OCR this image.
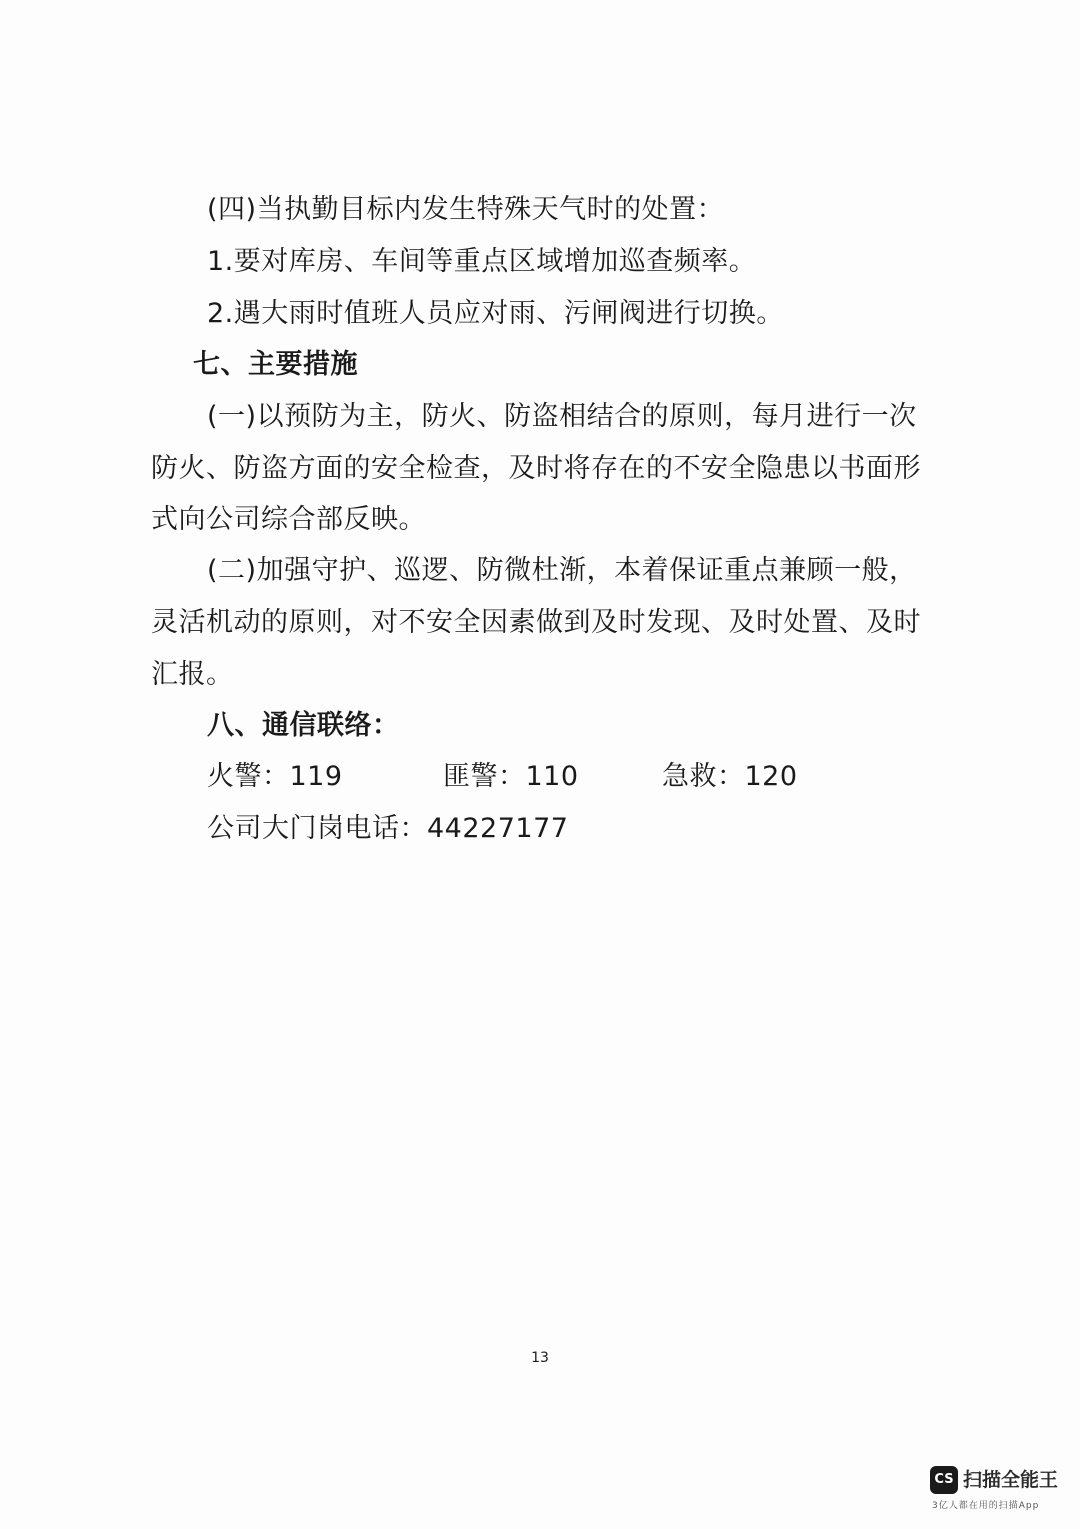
(四)当执勤目标内发生特殊天气时的处置：
1.要对库房、车间等重点区域增加巡查频率。
2.遇大雨时值班人员应对雨、污闸阀进行切换。
七、主要措施
(一)以预防为主，防火、防盗相结合的原则，每月进行一次
防火、防盗方面的安全检查，及时将存在的不安全隐患以书面形
式向公司综合部反映。
(二)加强守护、巡逻、防微杜渐，本着保证重点兼顾一般，
灵活机动的原则，对不安全因素做到及时发现、及时处置、及时
汇报。
八、通信联络：
火警：119	匪警：110	急救：120
公司大门岗电话：44227177
13
CS 扫描全能王
3亿人都在用的扫描App
